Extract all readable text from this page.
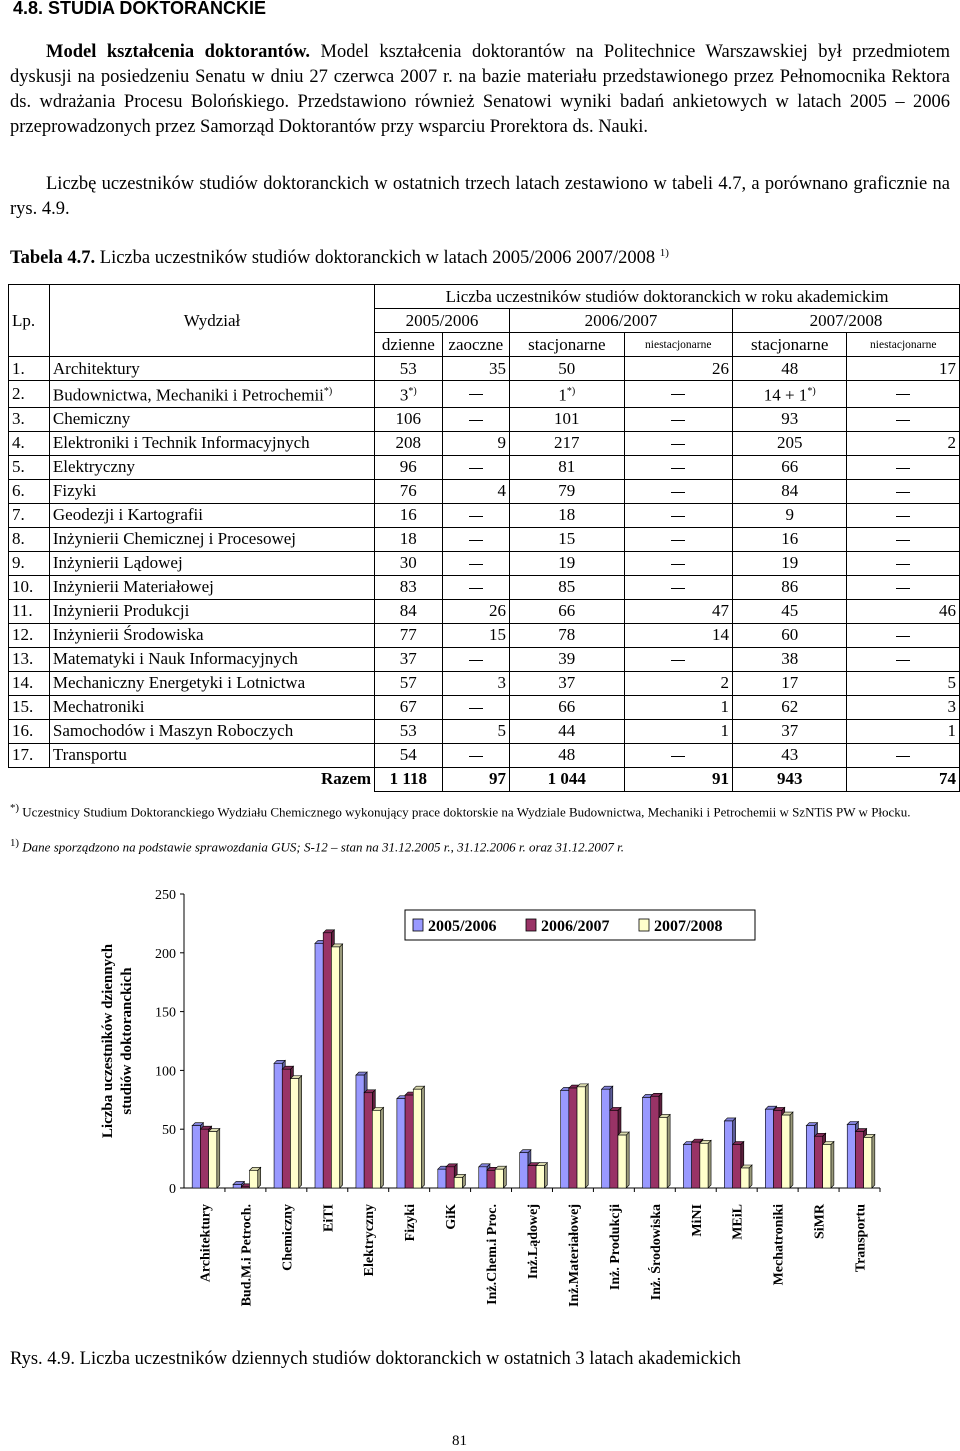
4.8. STUDIA DOKTORANCKIE
Model kształcenia doktorantów. Model kształcenia doktorantów na Politechnice Warszawskiej był przedmiotem dyskusji na posiedzeniu Senatu w dniu 27 czerwca 2007 r. na bazie materiału przedstawionego przez Pełnomocnika Rektora ds. wdrażania Procesu Bolońskiego. Przedstawiono również Senatowi wyniki badań ankietowych w latach 2005 – 2006 przeprowadzonych przez Samorząd Doktorantów przy wsparciu Prorektora ds. Nauki.
Liczbę uczestników studiów doktoranckich w ostatnich trzech latach zestawiono w tabeli 4.7, a porównano graficznie na rys. 4.9.
Tabela 4.7. Liczba uczestników studiów doktoranckich w latach 2005/2006 2007/2008 $^{1)}$
Lp.	Wydział	Liczba uczestników studiów doktoranckich w roku akademickim					
		2005/2006		2006/2007		2007/2008	
		dzienne	zaoczne	stacjonarne	niestacjonarne	stacjonarne	niestacjonarne
1.	Architektury	53	35	50	26	48	17
2.	Budownictwa, Mechaniki i Petrochemii*)	3*)		1*)		14 + 1*)	
3.	Chemiczny	106		101		93	
4.	Elektroniki i Technik Informacyjnych	208	9	217		205	2
5.	Elektryczny	96		81		66	
6.	Fizyki	76	4	79		84	
7.	Geodezji i Kartografii	16		18		9	
8.	Inżynierii Chemicznej i Procesowej	18		15		16	
9.	Inżynierii Lądowej	30		19		19	
10.	Inżynierii Materiałowej	83		85		86	
11.	Inżynierii Produkcji	84	26	66	47	45	46
12.	Inżynierii Środowiska	77	15	78	14	60	
13.	Matematyki i Nauk Informacyjnych	37		39		38	
14.	Mechaniczny Energetyki i Lotnictwa	57	3	37	2	17	5
15.	Mechatroniki	67		66	1	62	3
16.	Samochodów i Maszyn Roboczych	53	5	44	1	37	1
17.	Transportu	54		48		43	
Razem		1 118	97	1 044	91	943	74
*) Uczestnicy Studium Doktoranckiego Wydziału Chemicznego wykonujący prace doktorskie na Wydziale Budownictwa, Mechaniki i Petrochemii w SzNTiS PW w Płocku.
$^{1)}$ Dane sporządzono na podstawie sprawozdania GUS; S-12 – stan na 31.12.2005 r., 31.12.2006 r. oraz 31.12.2007 r.
Liczba uczestników dziennych studiów doktoranckich
0
50
100
150
200
250
Architektury Bud.M.i Petroch. Chemiczny EiTI Elektryczny Fizyki GiK Inż.Chem.i Proc. Inż.Lądowej Inż.Materiałowej Inż. Produkcji Inż. Środowiska MiNI MEiL Mechatroniki SiMR Transportu
2005/2006	2006/2007	2007/2008
Rys. 4.9. Liczba uczestników dziennych studiów doktoranckich w ostatnich 3 latach akademickich
81
